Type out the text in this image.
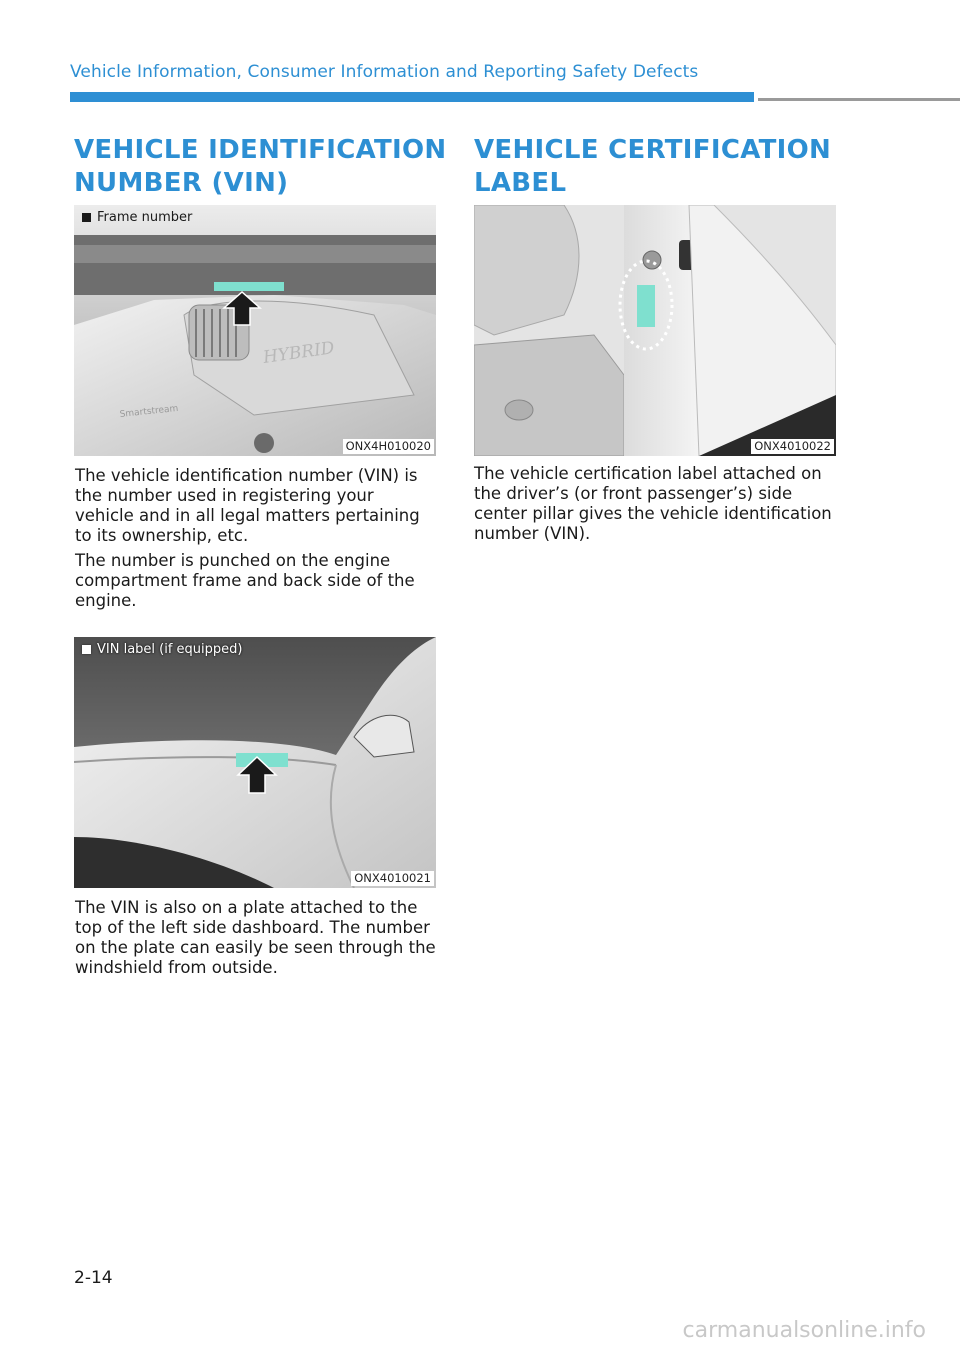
Vehicle Information, Consumer Information and Reporting Safety Defects
VEHICLE IDENTIFICATION
NUMBER (VIN)
HYBRID
Smartstream
Frame number
ONX4H010020

The vehicle identification number (VIN) is the number used in registering your vehicle and in all legal matters pertaining to its ownership, etc.

The number is punched on the engine compartment frame and back side of the engine.

VIN label (if equipped)
ONX4010021

The VIN is also on a plate attached to the top of the left side dashboard. The number on the plate can easily be seen through the windshield from outside.

VEHICLE CERTIFICATION
LABEL
ONX4010022

The vehicle certification label attached on the driver’s (or front passenger’s) side center pillar gives the vehicle identification number (VIN).

2-14
carmanualsonline.info
